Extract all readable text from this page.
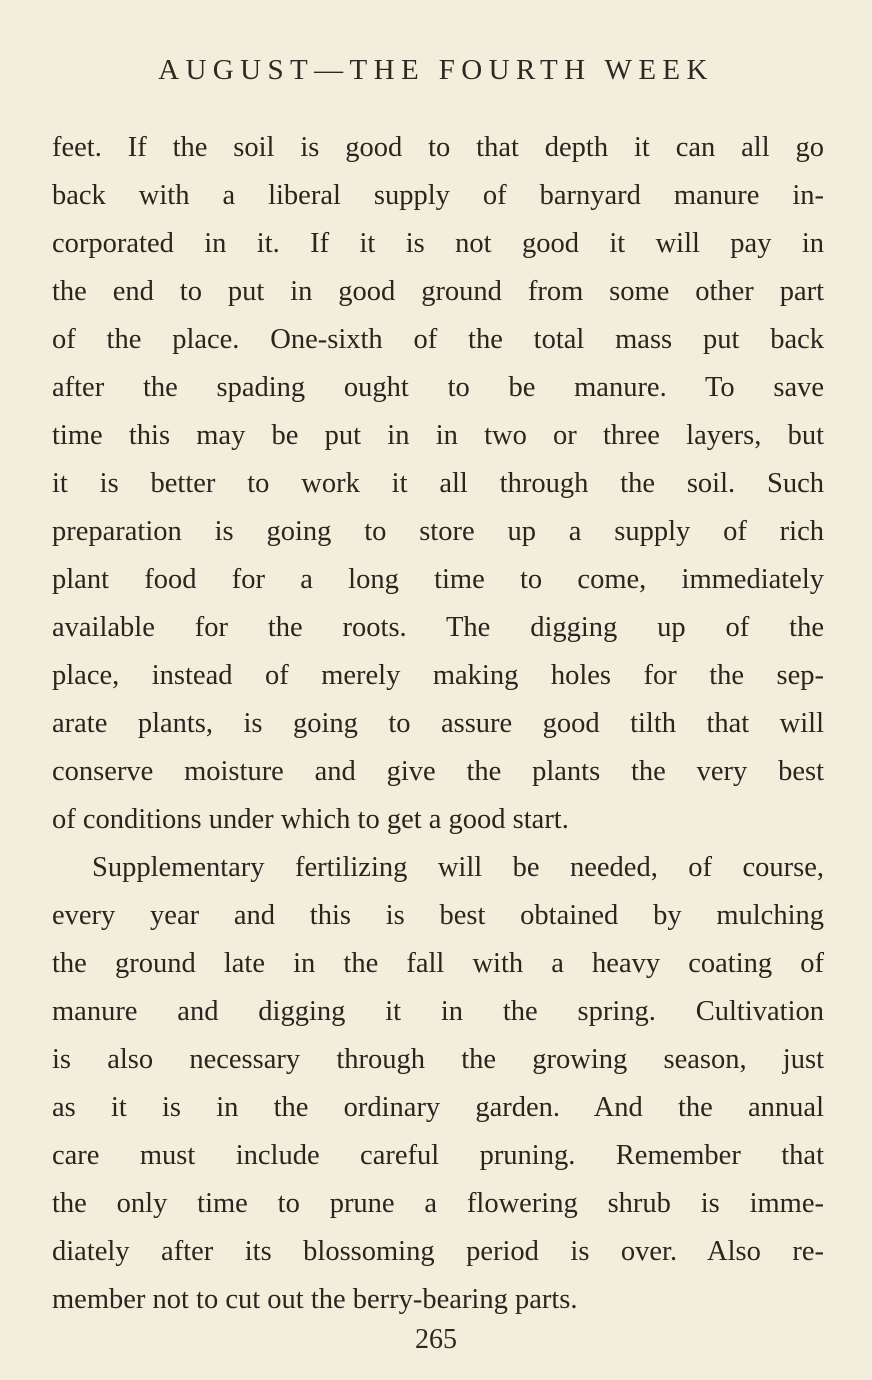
AUGUST—THE FOURTH WEEK
feet. If the soil is good to that depth it can all go
back with a liberal supply of barnyard manure in-
corporated in it. If it is not good it will pay in
the end to put in good ground from some other part
of the place. One-sixth of the total mass put back
after the spading ought to be manure. To save
time this may be put in in two or three layers, but
it is better to work it all through the soil. Such
preparation is going to store up a supply of rich
plant food for a long time to come, immediately
available for the roots. The digging up of the
place, instead of merely making holes for the sep-
arate plants, is going to assure good tilth that will
conserve moisture and give the plants the very best
of conditions under which to get a good start.
Supplementary fertilizing will be needed, of course,
every year and this is best obtained by mulching
the ground late in the fall with a heavy coating of
manure and digging it in the spring. Cultivation
is also necessary through the growing season, just
as it is in the ordinary garden. And the annual
care must include careful pruning. Remember that
the only time to prune a flowering shrub is imme-
diately after its blossoming period is over. Also re-
member not to cut out the berry-bearing parts.
265
